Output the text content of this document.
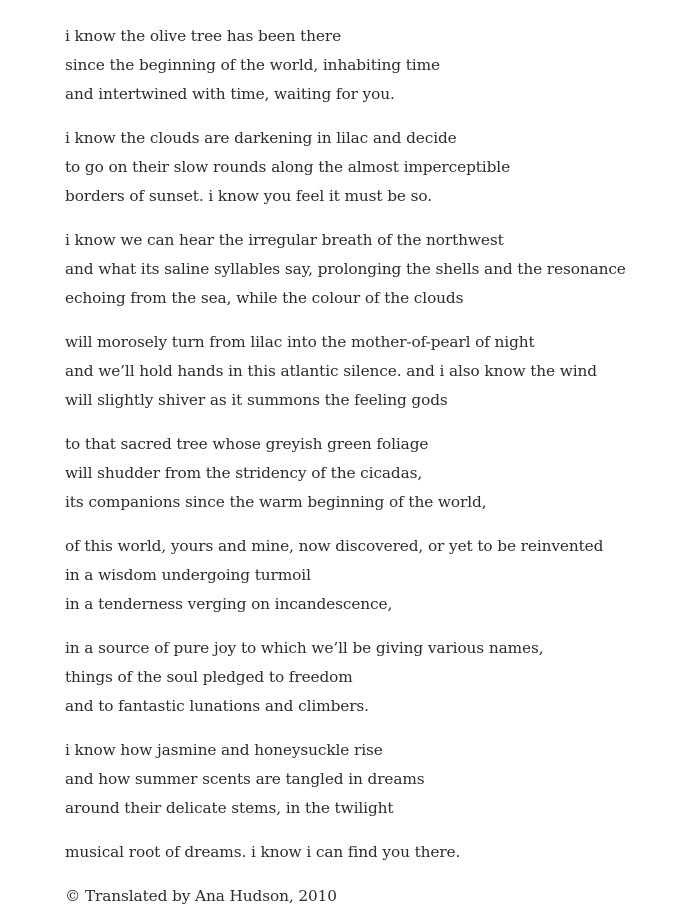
i know the olive tree has been there
since the beginning of the world, inhabiting time
and intertwined with time, waiting for you.
i know the clouds are darkening in lilac and decide
to go on their slow rounds along the almost imperceptible
borders of sunset. i know you feel it must be so.
i know we can hear the irregular breath of the northwest
and what its saline syllables say, prolonging the shells and the resonance
echoing from the sea, while the colour of the clouds
will morosely turn from lilac into the mother-of-pearl of night
and we’ll hold hands in this atlantic silence. and i also know the wind
will slightly shiver as it summons the feeling gods
to that sacred tree whose greyish green foliage
will shudder from the stridency of the cicadas,
its companions since the warm beginning of the world,
of this world, yours and mine, now discovered, or yet to be reinvented
in a wisdom undergoing turmoil
in a tenderness verging on incandescence,
in a source of pure joy to which we’ll be giving various names,
things of the soul pledged to freedom
and to fantastic lunations and climbers.
i know how jasmine and honeysuckle rise
and how summer scents are tangled in dreams
around their delicate stems, in the twilight
musical root of dreams. i know i can find you there.
© Translated by Ana Hudson, 2010
